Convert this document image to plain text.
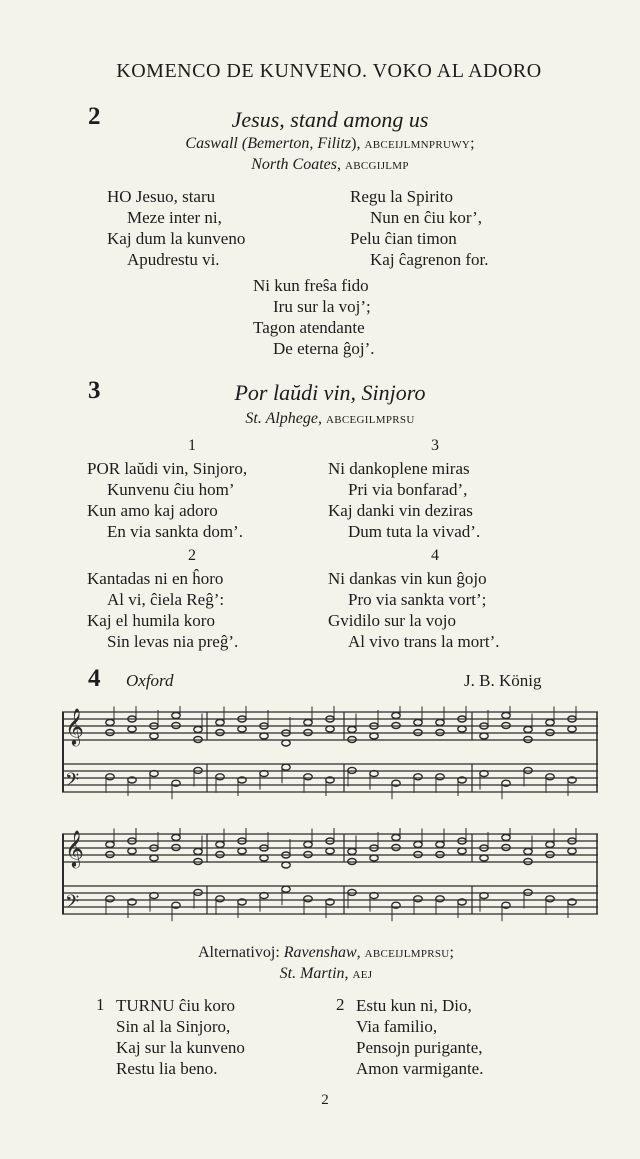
KOMENCO DE KUNVENO. VOKO AL ADORO
2	Jesus, stand among us
Caswall (Bemerton, Filitz), ABCEIJLMNPRUWY;
North Coates, ABCGIJLMP
HO Jesuo, staru
Meze inter ni,
Kaj dum la kunveno
Apudrestu vi.
Regu la Spirito
Nun en ĉiu kor’,
Pelu ĉian timon
Kaj ĉagrenon for.
Ni kun freŝa fido
Iru sur la voj’;
Tagon atendante
De eterna ĝoj’.
3	Por laŭdi vin, Sinjoro
St. Alphege, ABCEGILMPRSU
1	3
POR laŭdi vin, Sinjoro,
Kunvenu ĉiu hom’
Kun amo kaj adoro
En via sankta dom’.
Ni dankoplene miras
Pri via bonfarad’,
Kaj danki vin deziras
Dum tuta la vivad’.
2	4
Kantadas ni en ĥoro
Al vi, ĉiela Reĝ’:
Kaj el humila koro
Sin levas nia preĝ’.
Ni dankas vin kun ĝojo
Pro via sankta vort’;
Gvidilo sur la vojo
Al vivo trans la mort’.
4 Oxford	J. B. König
𝄞
𝄢
𝄞
𝄢
Alternativoj: Ravenshaw, ABCEIJLMPRSU;
St. Martin, AEJ
1 TURNU ĉiu koro
Sin al la Sinjoro,
Kaj sur la kunveno
Restu lia beno.
2 Estu kun ni, Dio,
Via familio,
Pensojn purigante,
Amon varmigante.
2
